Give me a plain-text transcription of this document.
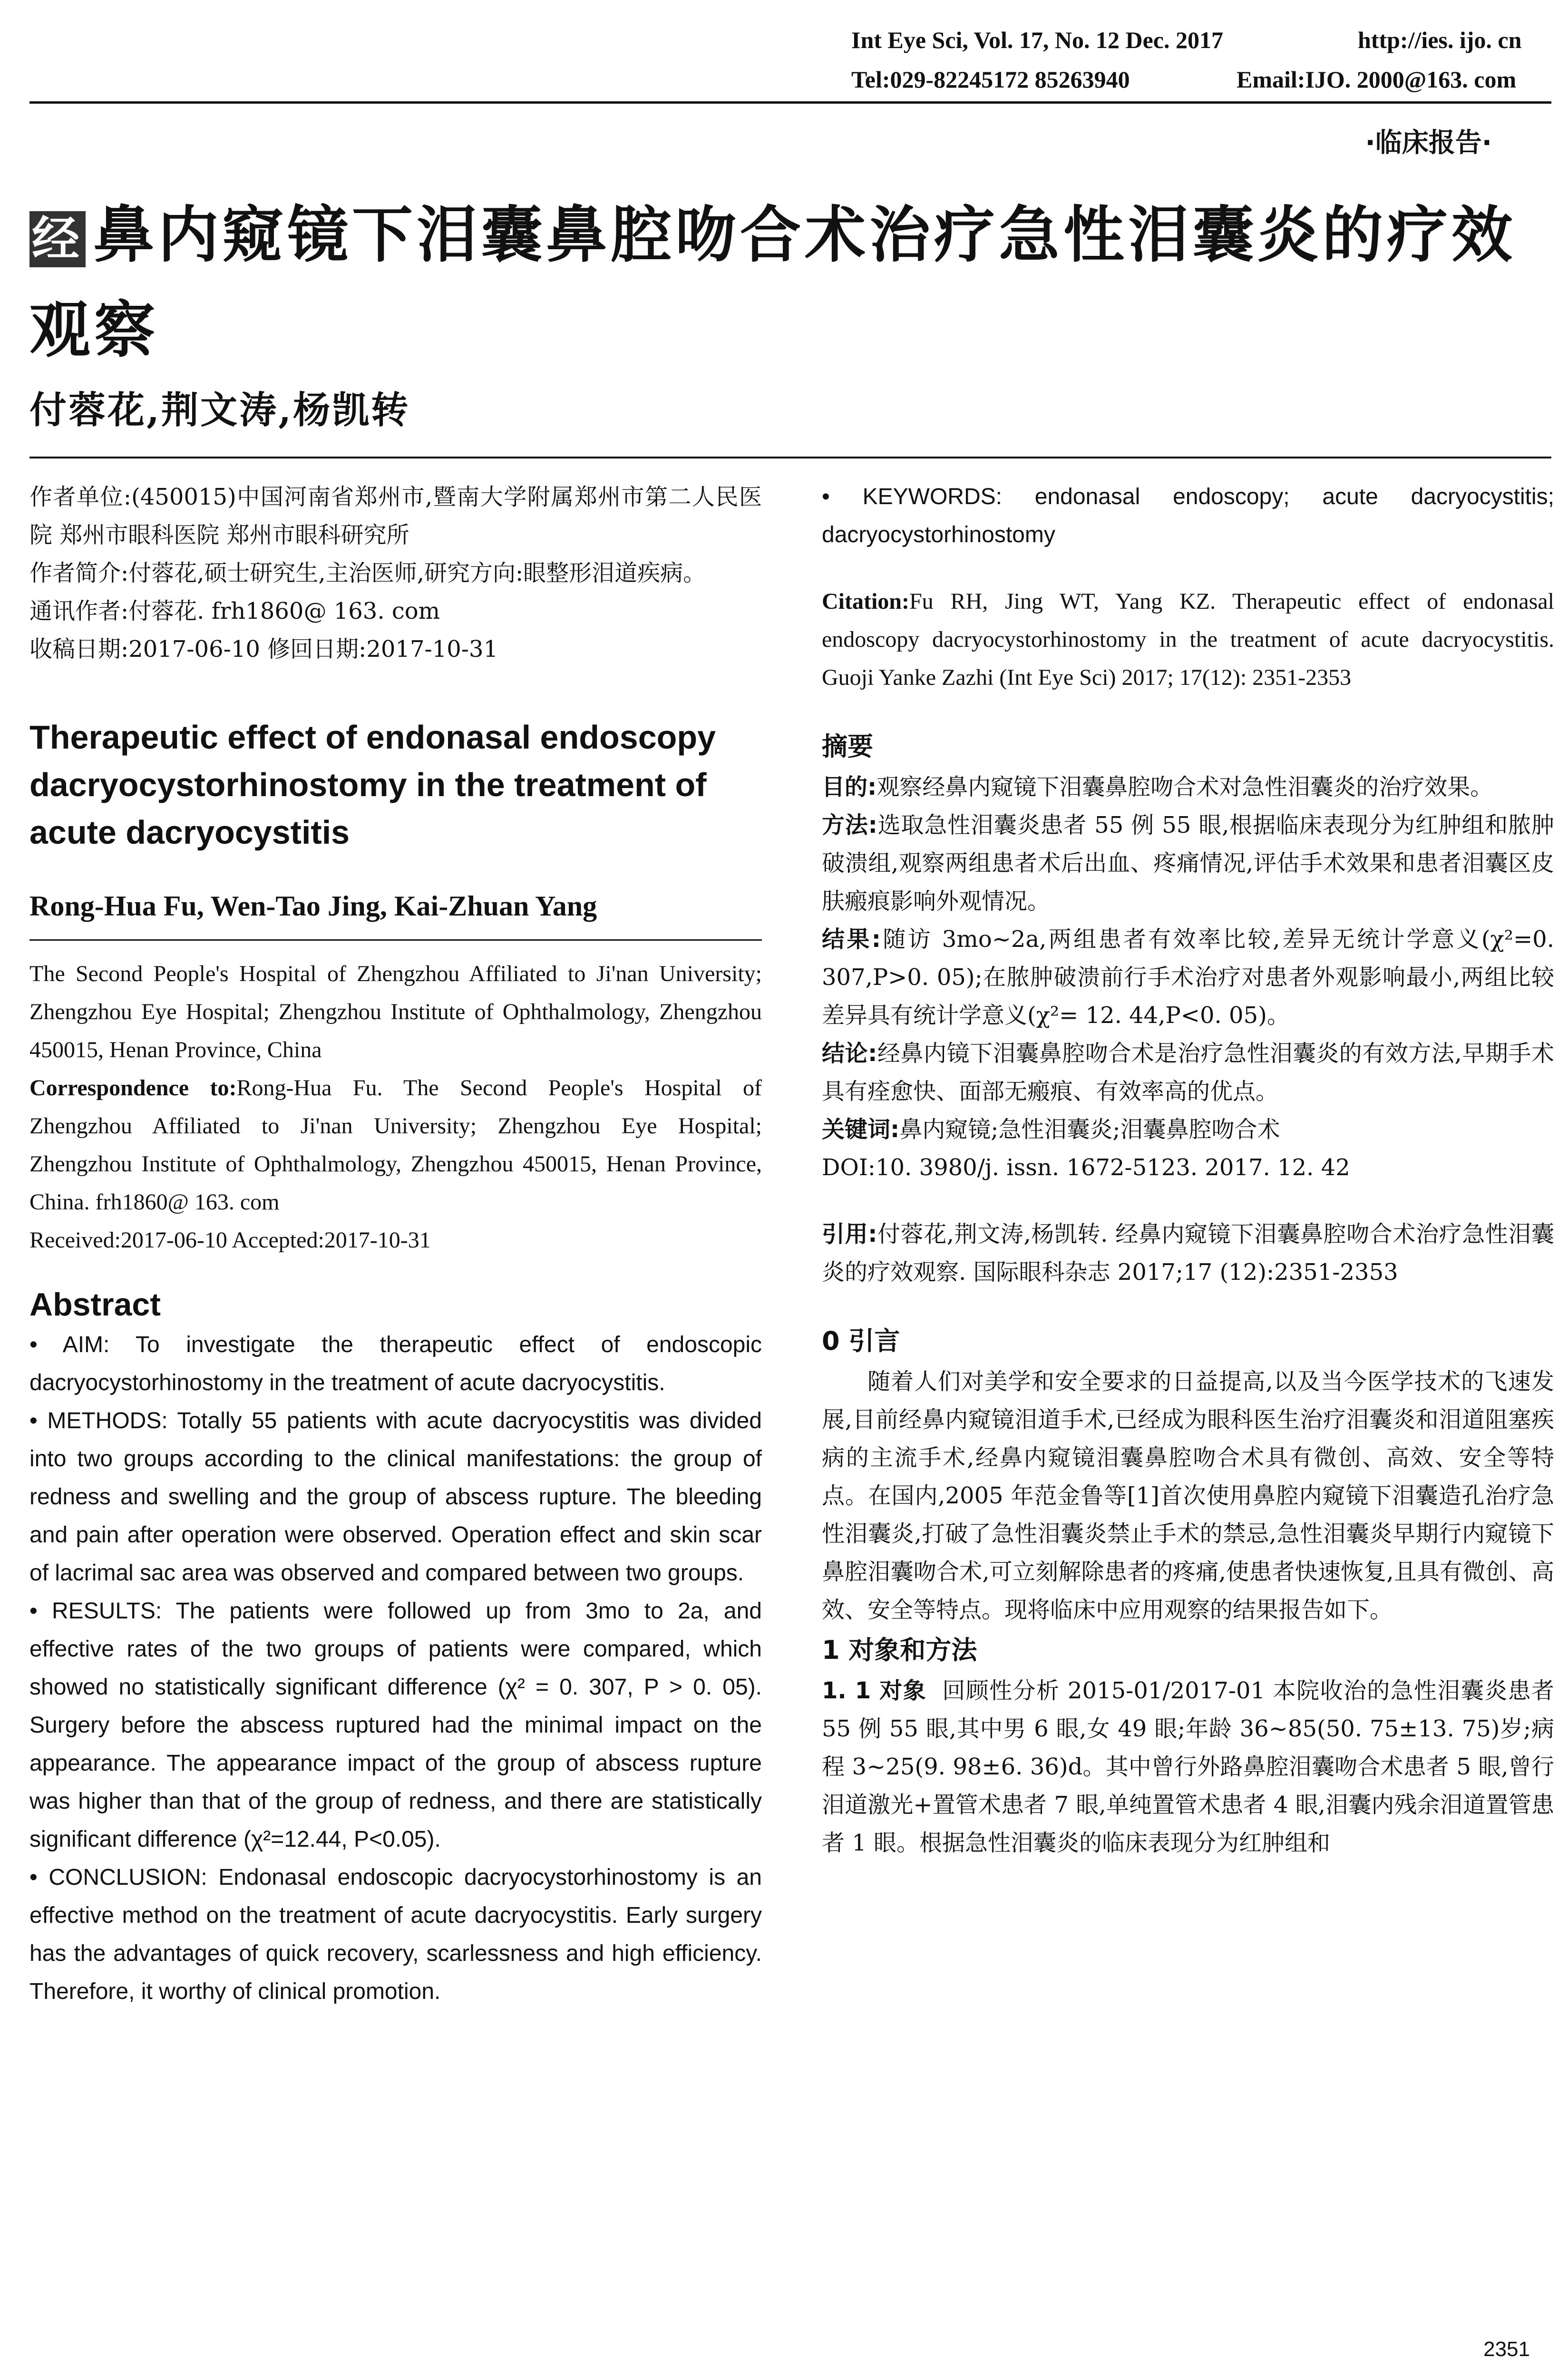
Int Eye Sci, Vol. 17, No. 12 Dec. 2017	http://ies. ijo. cn
Tel:029-82245172 85263940	Email:IJO. 2000@163. com
·临床报告·
经 鼻内窥镜下泪囊鼻腔吻合术治疗急性泪囊炎的疗效观察
付蓉花,荆文涛,杨凯转

作者单位:(450015)中国河南省郑州市,暨南大学附属郑州市第二人民医院 郑州市眼科医院 郑州市眼科研究所

作者简介:付蓉花,硕士研究生,主治医师,研究方向:眼整形泪道疾病。

通讯作者:付蓉花. frh1860@ 163. com

收稿日期:2017-06-10 修回日期:2017-10-31

Therapeutic effect of endonasal endoscopy dacryocystorhinostomy in the treatment of acute dacryocystitis

Rong-Hua Fu, Wen-Tao Jing, Kai-Zhuan Yang

The Second People's Hospital of Zhengzhou Affiliated to Ji'nan University; Zhengzhou Eye Hospital; Zhengzhou Institute of Ophthalmology, Zhengzhou 450015, Henan Province, China

Correspondence to:Rong-Hua Fu. The Second People's Hospital of Zhengzhou Affiliated to Ji'nan University; Zhengzhou Eye Hospital; Zhengzhou Institute of Ophthalmology, Zhengzhou 450015, Henan Province, China. frh1860@ 163. com

Received:2017-06-10 Accepted:2017-10-31

Abstract

• AIM: To investigate the therapeutic effect of endoscopic dacryocystorhinostomy in the treatment of acute dacryocystitis.

• METHODS: Totally 55 patients with acute dacryocystitis was divided into two groups according to the clinical manifestations: the group of redness and swelling and the group of abscess rupture. The bleeding and pain after operation were observed. Operation effect and skin scar of lacrimal sac area was observed and compared between two groups.

• RESULTS: The patients were followed up from 3mo to 2a, and effective rates of the two groups of patients were compared, which showed no statistically significant difference (χ² = 0. 307, P > 0. 05). Surgery before the abscess ruptured had the minimal impact on the appearance. The appearance impact of the group of abscess rupture was higher than that of the group of redness, and there are statistically significant difference (χ²=12.44, P<0.05).

• CONCLUSION: Endonasal endoscopic dacryocystorhinostomy is an effective method on the treatment of acute dacryocystitis. Early surgery has the advantages of quick recovery, scarlessness and high efficiency. Therefore, it worthy of clinical promotion.

• KEYWORDS: endonasal endoscopy; acute dacryocystitis; dacryocystorhinostomy

Citation:Fu RH, Jing WT, Yang KZ. Therapeutic effect of endonasal endoscopy dacryocystorhinostomy in the treatment of acute dacryocystitis. Guoji Yanke Zazhi (Int Eye Sci) 2017; 17(12): 2351-2353

摘要

目的:观察经鼻内窥镜下泪囊鼻腔吻合术对急性泪囊炎的治疗效果。

方法:选取急性泪囊炎患者 55 例 55 眼,根据临床表现分为红肿组和脓肿破溃组,观察两组患者术后出血、疼痛情况,评估手术效果和患者泪囊区皮肤瘢痕影响外观情况。

结果:随访 3mo~2a,两组患者有效率比较,差异无统计学意义(χ²=0. 307,P>0. 05);在脓肿破溃前行手术治疗对患者外观影响最小,两组比较差异具有统计学意义(χ²= 12. 44,P<0. 05)。

结论:经鼻内镜下泪囊鼻腔吻合术是治疗急性泪囊炎的有效方法,早期手术具有痊愈快、面部无瘢痕、有效率高的优点。

关键词:鼻内窥镜;急性泪囊炎;泪囊鼻腔吻合术

DOI:10. 3980/j. issn. 1672-5123. 2017. 12. 42

引用:付蓉花,荆文涛,杨凯转. 经鼻内窥镜下泪囊鼻腔吻合术治疗急性泪囊炎的疗效观察. 国际眼科杂志 2017;17 (12):2351-2353

0 引言

随着人们对美学和安全要求的日益提高,以及当今医学技术的飞速发展,目前经鼻内窥镜泪道手术,已经成为眼科医生治疗泪囊炎和泪道阻塞疾病的主流手术,经鼻内窥镜泪囊鼻腔吻合术具有微创、高效、安全等特点。在国内,2005 年范金鲁等[1]首次使用鼻腔内窥镜下泪囊造孔治疗急性泪囊炎,打破了急性泪囊炎禁止手术的禁忌,急性泪囊炎早期行内窥镜下鼻腔泪囊吻合术,可立刻解除患者的疼痛,使患者快速恢复,且具有微创、高效、安全等特点。现将临床中应用观察的结果报告如下。

1 对象和方法

1. 1 对象 回顾性分析 2015-01/2017-01 本院收治的急性泪囊炎患者 55 例 55 眼,其中男 6 眼,女 49 眼;年龄 36~85(50. 75±13. 75)岁;病程 3~25(9. 98±6. 36)d。其中曾行外路鼻腔泪囊吻合术患者 5 眼,曾行泪道激光+置管术患者 7 眼,单纯置管术患者 4 眼,泪囊内残余泪道置管患者 1 眼。根据急性泪囊炎的临床表现分为红肿组和

2351
